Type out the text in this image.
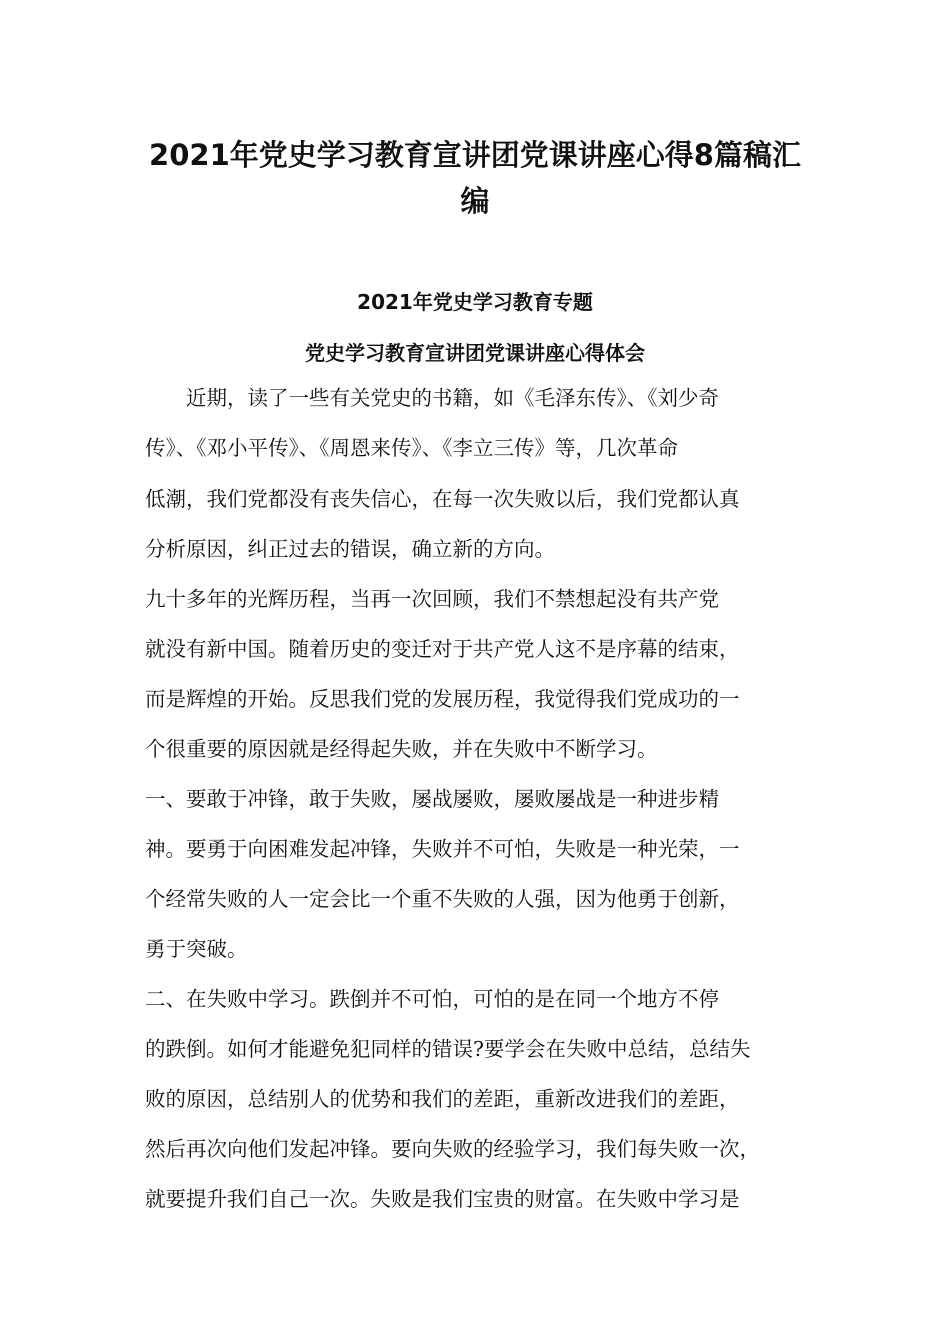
2021年党史学习教育宣讲团党课讲座心得8篇稿汇
编
2021年党史学习教育专题
党史学习教育宣讲团党课讲座心得体会

　　近期，读了一些有关党史的书籍，如《毛泽东传》、《刘少奇

传》、《邓小平传》、《周恩来传》、《李立三传》等，几次革命

低潮，我们党都没有丧失信心，在每一次失败以后，我们党都认真

分析原因，纠正过去的错误，确立新的方向。

九十多年的光辉历程，当再一次回顾，我们不禁想起没有共产党

就没有新中国。随着历史的变迁对于共产党人这不是序幕的结束，

而是辉煌的开始。反思我们党的发展历程，我觉得我们党成功的一

个很重要的原因就是经得起失败，并在失败中不断学习。

一、要敢于冲锋，敢于失败，屡战屡败，屡败屡战是一种进步精

神。要勇于向困难发起冲锋，失败并不可怕，失败是一种光荣，一

个经常失败的人一定会比一个重不失败的人强，因为他勇于创新，

勇于突破。

二、在失败中学习。跌倒并不可怕，可怕的是在同一个地方不停

的跌倒。如何才能避免犯同样的错误?要学会在失败中总结，总结失

败的原因，总结别人的优势和我们的差距，重新改进我们的差距，

然后再次向他们发起冲锋。要向失败的经验学习，我们每失败一次，

就要提升我们自己一次。失败是我们宝贵的财富。在失败中学习是
